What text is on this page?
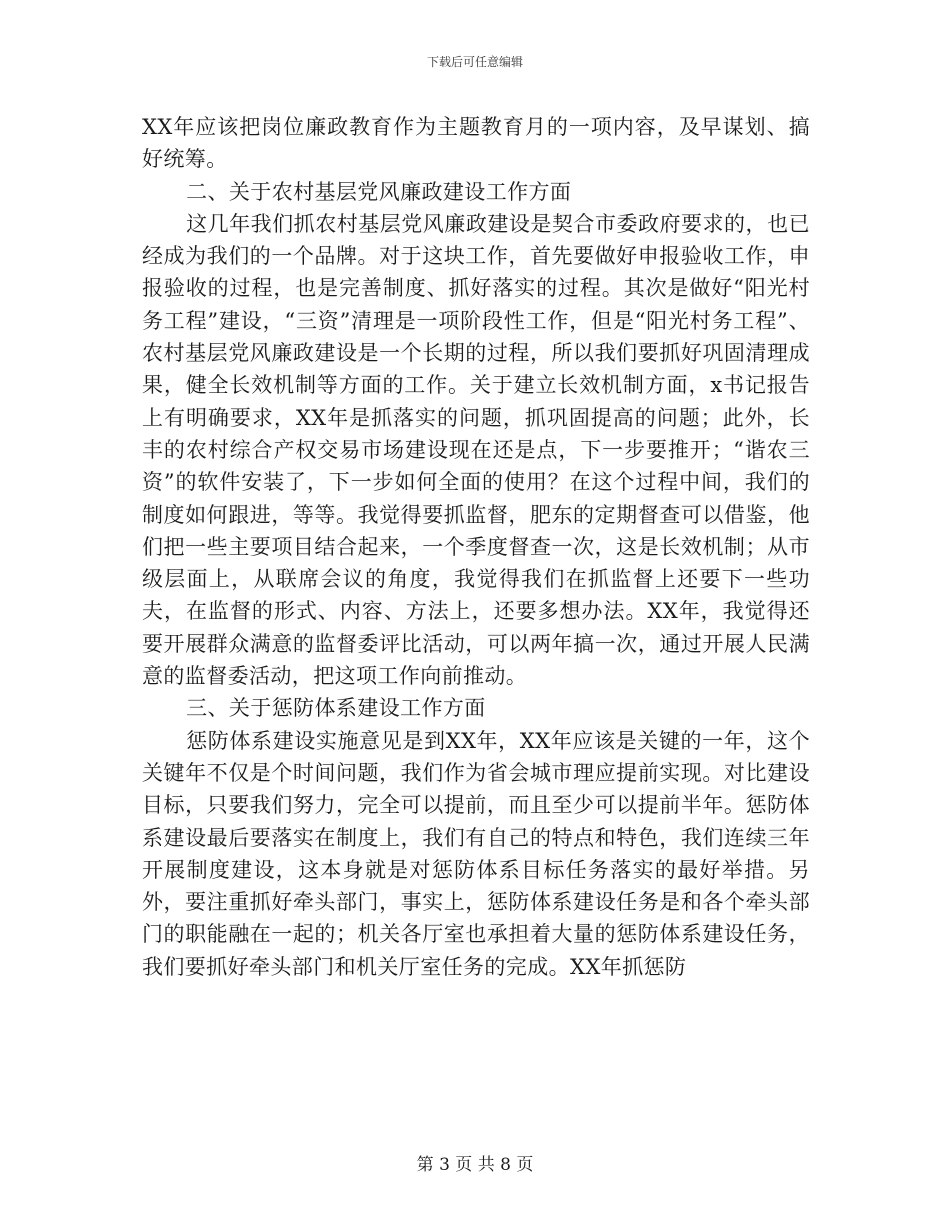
下载后可任意编辑

XX年应该把岗位廉政教育作为主题教育月的一项内容，及早谋划、搞好统筹。

二、关于农村基层党风廉政建设工作方面

这几年我们抓农村基层党风廉政建设是契合市委政府要求的，也已经成为我们的一个品牌。对于这块工作，首先要做好申报验收工作，申报验收的过程，也是完善制度、抓好落实的过程。其次是做好“阳光村务工程”建设，“三资”清理是一项阶段性工作，但是“阳光村务工程”、农村基层党风廉政建设是一个长期的过程，所以我们要抓好巩固清理成果，健全长效机制等方面的工作。关于建立长效机制方面，x书记报告上有明确要求，XX年是抓落实的问题，抓巩固提高的问题；此外，长丰的农村综合产权交易市场建设现在还是点，下一步要推开；“谐农三资”的软件安装了，下一步如何全面的使用？在这个过程中间，我们的制度如何跟进，等等。我觉得要抓监督，肥东的定期督查可以借鉴，他们把一些主要项目结合起来，一个季度督查一次，这是长效机制；从市级层面上，从联席会议的角度，我觉得我们在抓监督上还要下一些功夫，在监督的形式、内容、方法上，还要多想办法。XX年，我觉得还要开展群众满意的监督委评比活动，可以两年搞一次，通过开展人民满意的监督委活动，把这项工作向前推动。

三、关于惩防体系建设工作方面

惩防体系建设实施意见是到XX年，XX年应该是关键的一年，这个关键年不仅是个时间问题，我们作为省会城市理应提前实现。对比建设目标，只要我们努力，完全可以提前，而且至少可以提前半年。惩防体系建设最后要落实在制度上，我们有自己的特点和特色，我们连续三年开展制度建设，这本身就是对惩防体系目标任务落实的最好举措。另外，要注重抓好牵头部门，事实上，惩防体系建设任务是和各个牵头部门的职能融在一起的；机关各厅室也承担着大量的惩防体系建设任务，我们要抓好牵头部门和机关厅室任务的完成。XX年抓惩防

第 3 页 共 8 页
